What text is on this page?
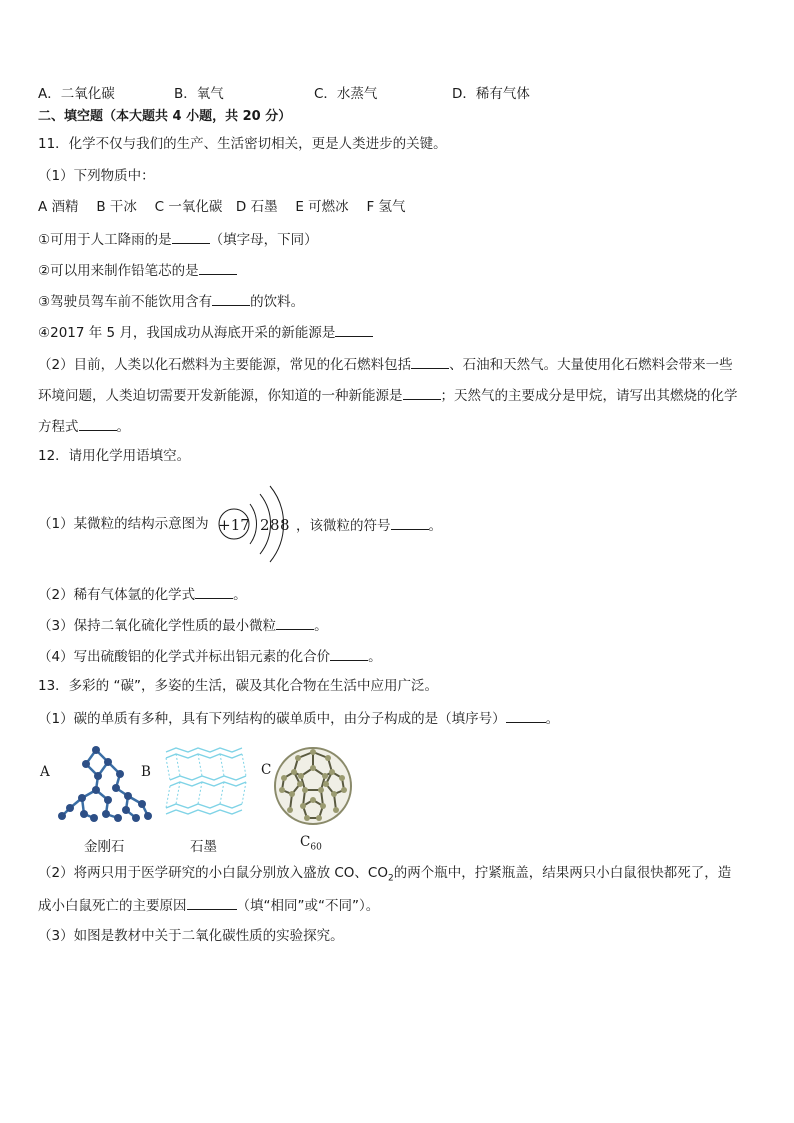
A．二氧化碳	B．氧气	C．水蒸气	D．稀有气体
二、填空题（本大题共 4 小题，共 20 分）
11．化学不仅与我们的生产、生活密切相关，更是人类进步的关键。
（1）下列物质中：
A 酒精　 B 干冰　 C 一氧化碳　D 石墨　 E 可燃冰　 F 氢气
①可用于人工降雨的是	（填字母，下同）
②可以用来制作铅笔芯的是
③驾驶员驾车前不能饮用含有	的饮料。
④2017 年 5 月，我国成功从海底开采的新能源是
（2）目前，人类以化石燃料为主要能源，常见的化石燃料包括	、石油和天然气。大量使用化石燃料会带来一些
环境问题，人类迫切需要开发新能源，你知道的一种新能源是	；天然气的主要成分是甲烷，请写出其燃烧的化学
方程式	。
12．请用化学用语填空。
（1）某微粒的结构示意图为 +17 2 8 8 ，该微粒的符号	。
（2）稀有气体氩的化学式	。
（3）保持二氧化硫化学性质的最小微粒	。
（4）写出硫酸铝的化学式并标出铝元素的化合价	。
13．多彩的 “碳”，多姿的生活，碳及其化合物在生活中应用广泛。
（1）碳的单质有多种，具有下列结构的碳单质中，由分子构成的是（填序号）	。
A
金刚石
B
石墨
C
$C_{60}$
（2）将两只用于医学研究的小白鼠分别放入盛放 CO、$CO_2$的两个瓶中，拧紧瓶盖，结果两只小白鼠很快都死了，造
成小白鼠死亡的主要原因	（填“相同”或“不同”）。
（3）如图是教材中关于二氧化碳性质的实验探究。
